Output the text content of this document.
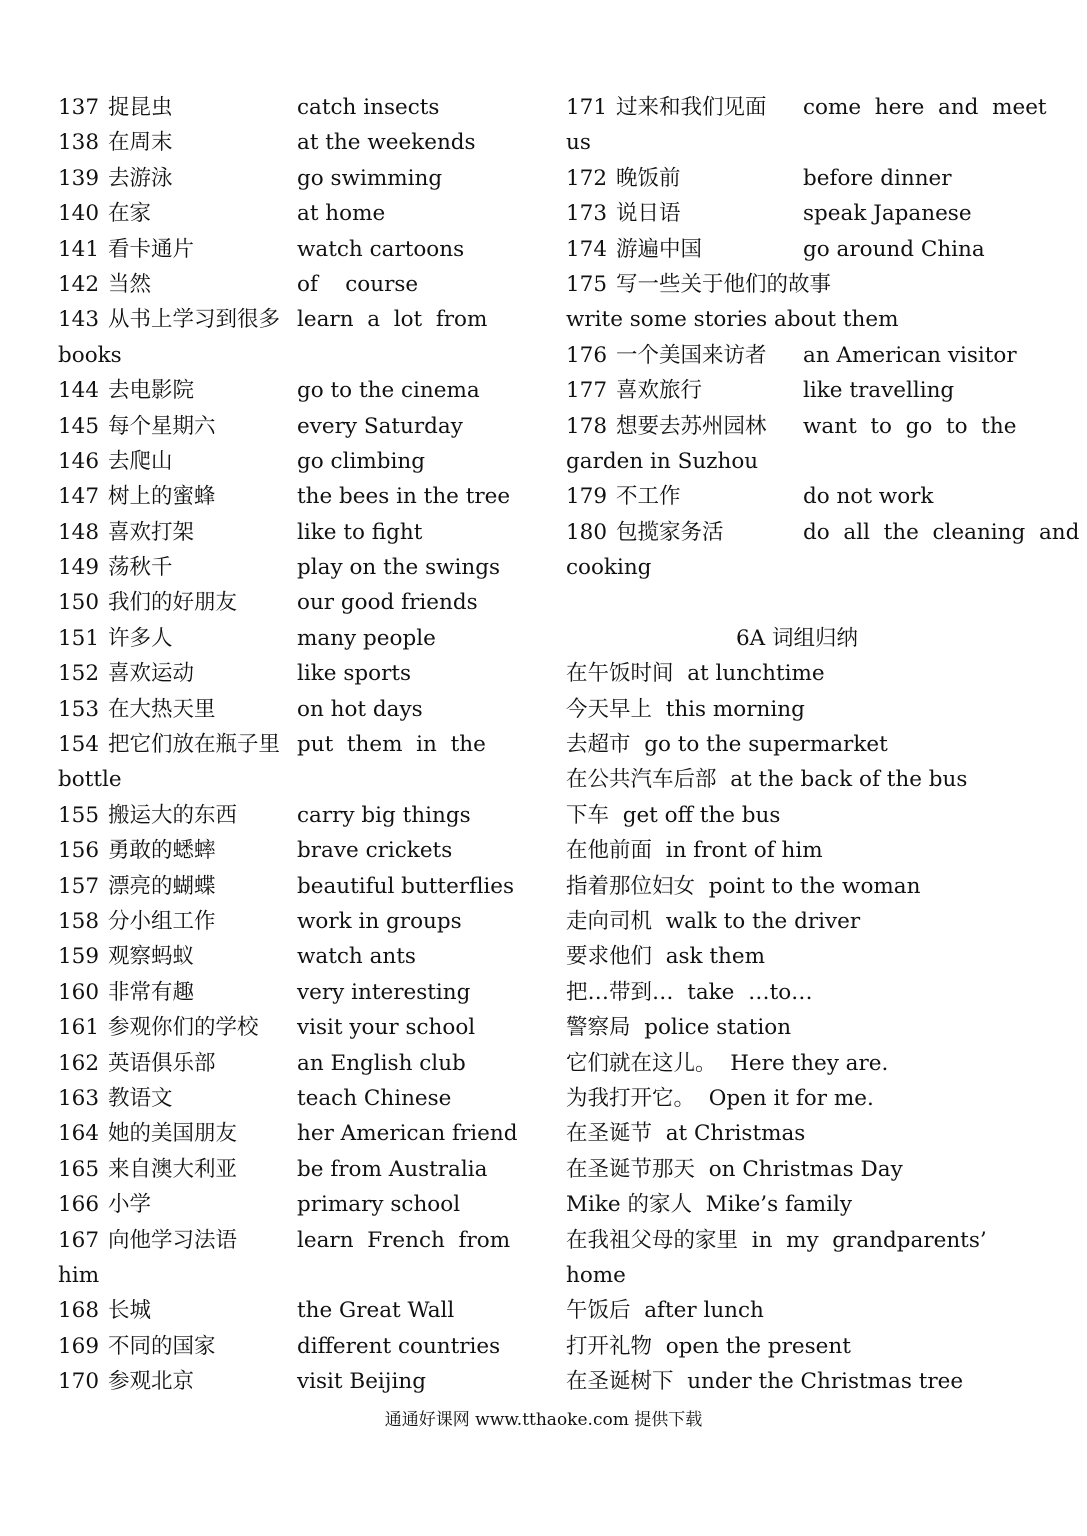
137 捉昆虫	catch insects
138 在周末	at the weekends
139 去游泳	go swimming
140 在家	at home
141 看卡通片	watch cartoons
142 当然	of    course
143 从书上学习到很多 learn  a  lot  from
books
144 去电影院	go to the cinema
145 每个星期六	every Saturday
146 去爬山	go climbing
147 树上的蜜蜂	the bees in the tree
148 喜欢打架	like to fight
149 荡秋千	play on the swings
150 我们的好朋友	our good friends
151 许多人	many people
152 喜欢运动	like sports
153 在大热天里	on hot days
154 把它们放在瓶子里 put  them  in  the
bottle
155 搬运大的东西	carry big things
156 勇敢的蟋蟀	brave crickets
157 漂亮的蝴蝶	beautiful butterflies
158 分小组工作	work in groups
159 观察蚂蚁	watch ants
160 非常有趣	very interesting
161 参观你们的学校 visit your school
162 英语俱乐部	an English club
163 教语文	teach Chinese
164 她的美国朋友	her American friend
165 来自澳大利亚	be from Australia
166 小学	primary school
167 向他学习法语	learn  French  from
him
168 长城	the Great Wall
169 不同的国家	different countries
170 参观北京	visit Beijing
171 过来和我们见面 come  here  and  meet
us
172 晚饭前	before dinner
173 说日语	speak Japanese
174 游遍中国	go around China
175 写一些关于他们的故事
write some stories about them
176 一个美国来访者 an American visitor
177 喜欢旅行	like travelling
178 想要去苏州园林 want  to  go  to  the
garden in Suzhou
179 不工作	do not work
180 包揽家务活	do  all  the  cleaning  and
cooking
6A 词组归纳
在午饭时间 at lunchtime
今天早上 this morning
去超市 go to the supermarket
在公共汽车后部 at the back of the bus
下车 get off the bus
在他前面 in front of him
指着那位妇女 point to the woman
走向司机 walk to the driver
要求他们 ask them
把…带到… take  …to…
警察局 police station
它们就在这儿。 Here they are.
为我打开它。 Open it for me.
在圣诞节 at Christmas
在圣诞节那天 on Christmas Day
Mike 的家人 Mike’s family
在我祖父母的家里 in  my  grandparents’
home
午饭后 after lunch
打开礼物 open the present
在圣诞树下 under the Christmas tree
通通好课网 www.tthaoke.com 提供下载
